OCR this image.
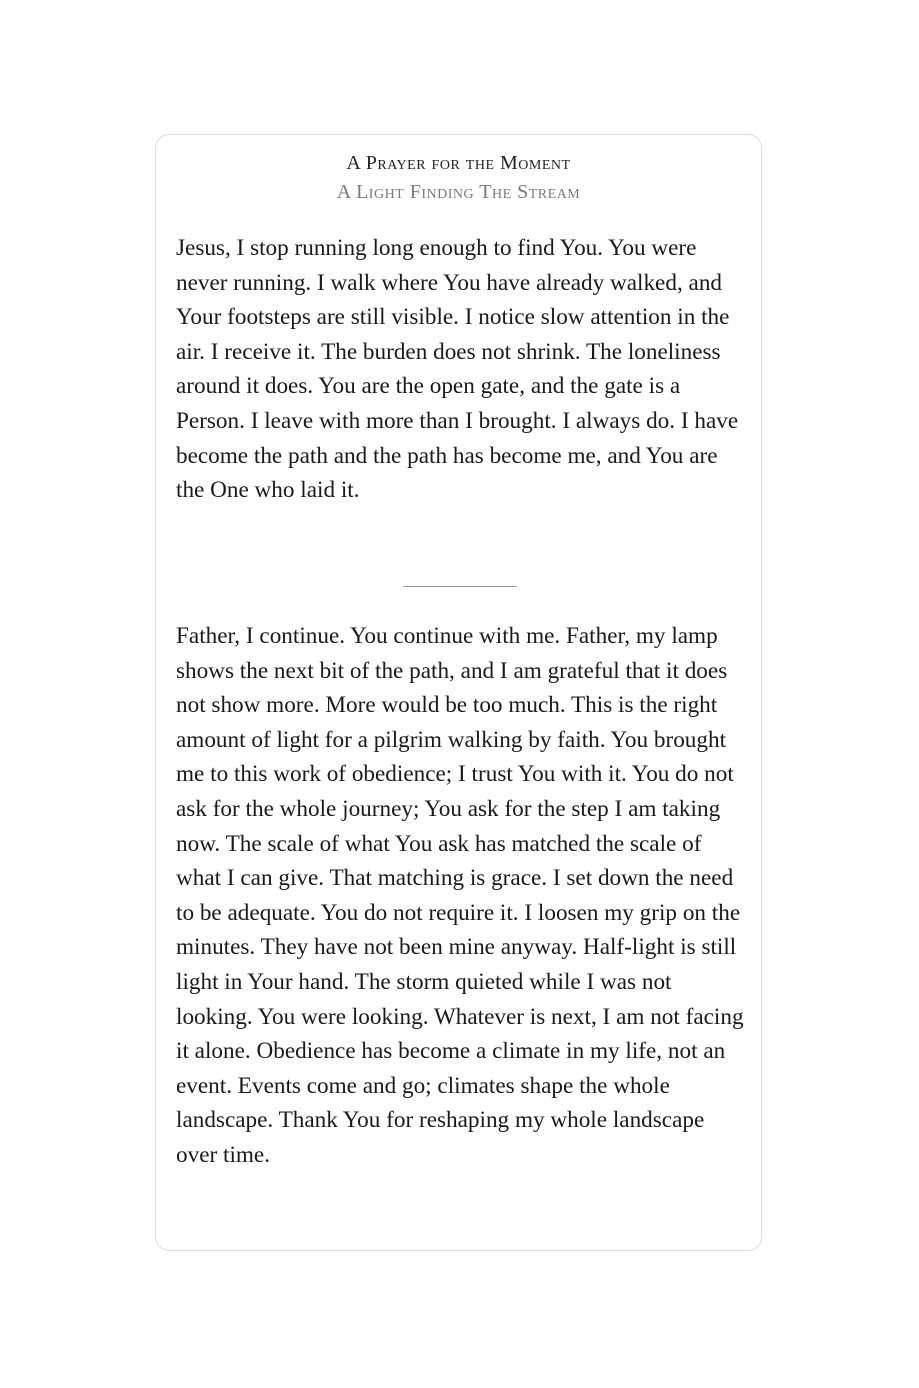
A Prayer for the Moment
A Light Finding The Stream

Jesus, I stop running long enough to find You. You were never running. I walk where You have already walked, and Your footsteps are still visible. I notice slow attention in the air. I receive it. The burden does not shrink. The loneliness around it does. You are the open gate, and the gate is a Person. I leave with more than I brought. I always do. I have become the path and the path has become me, and You are the One who laid it.

Father, I continue. You continue with me. Father, my lamp shows the next bit of the path, and I am grateful that it does not show more. More would be too much. This is the right amount of light for a pilgrim walking by faith. You brought me to this work of obedience; I trust You with it. You do not ask for the whole journey; You ask for the step I am taking now. The scale of what You ask has matched the scale of what I can give. That matching is grace. I set down the need to be adequate. You do not require it. I loosen my grip on the minutes. They have not been mine anyway. Half-light is still light in Your hand. The storm quieted while I was not looking. You were looking. Whatever is next, I am not facing it alone. Obedience has become a climate in my life, not an event. Events come and go; climates shape the whole landscape. Thank You for reshaping my whole landscape over time.
